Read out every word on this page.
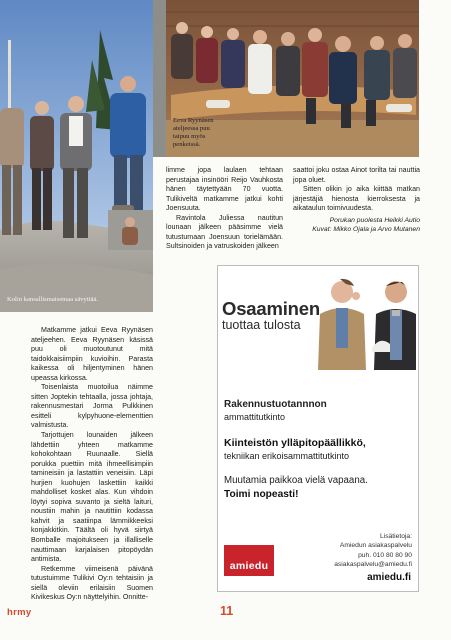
Kolin kansallismaisemaa sävyttää.
Eeva Ryynäsen ateljeessa puu taipuu myös penkeissä.

Matkamme jatkui Eeva Ryynäsen ateljeehen. Eeva Ryynäsen käsissä puu oli muotoutunut mitä taidokkaisiimpiin kuvioihin. Parasta kaikessa oli hiljentyminen hänen upeassa kirkossa.

Toisenlaista muotoilua näimme sitten Joptekin tehtaalla, jossa johtaja, rakennusmestari Jorma Pulkkinen esitteli kylpyhuone-elementtien valmistusta.

Tarjottujen lounaiden jälkeen lähdettiin yhteen matkamme kohokohtaan Ruunaalle. Siellä porukka puettiin mitä ihmeellisimpiin tamineisiin ja lastattiin veneisiin. Läpi hurjien kuohujen laskettiin kaikki mahdolliset kosket alas. Kun vihdoin löytyi sopiva suvanto ja sieltä laituri, noustiin mahin ja nautittiin kodassa kahvit ja saatiinpa lämmikkeeksi konjakkitkin. Täältä oli hyvä siirtyä Bomballe majoitukseen ja illalliselle nauttimaan karjalaisen pitopöydän antimista.

Retkemme viimeisenä päivänä tutustuimme Tulikivi Oy:n tehtaisiin ja siellä oleviin erilaisiin Suomen Kivikeskus Oy:n näyttelyihin. Onnitte-

limme jopa laulaen tehtaan perustajaa insinööri Reijo Vauhkosta hänen täytettyään 70 vuotta. Tulikiveltä matkamme jatkui kohti Joensuuta.

Ravintola Juliessa nautitun lounaan jälkeen pääsimme vielä tutustumaan Joensuun torielämään. Sultsinoiden ja vatruskoiden jälkeen

saattoi joku ostaa Ainot torilta tai nauttia jopa oluet.

Sitten olikin jo aika kiittää matkan järjestäjiä hienosta kierroksesta ja aikataulun toimivuudesta.

Porukan puolesta Heikki Autio
Kuvat: Mikko Ojala ja Arvo Mutanen
Osaaminen
tuottaa tulosta
Rakennustuotannnon
ammattitutkinto
Kiinteistön ylläpitopäällikkö,
tekniikan erikoisammattitutkinto
Muutamia paikkoa vielä vapaana.
Toimi nopeasti!
Lisätietoja:
Amiedun asiakaspalvelu
puh. 010 80 80 90
asiakaspalvelu@amiedu.fi
amiedu.fi
amiedu
hrmy	11
